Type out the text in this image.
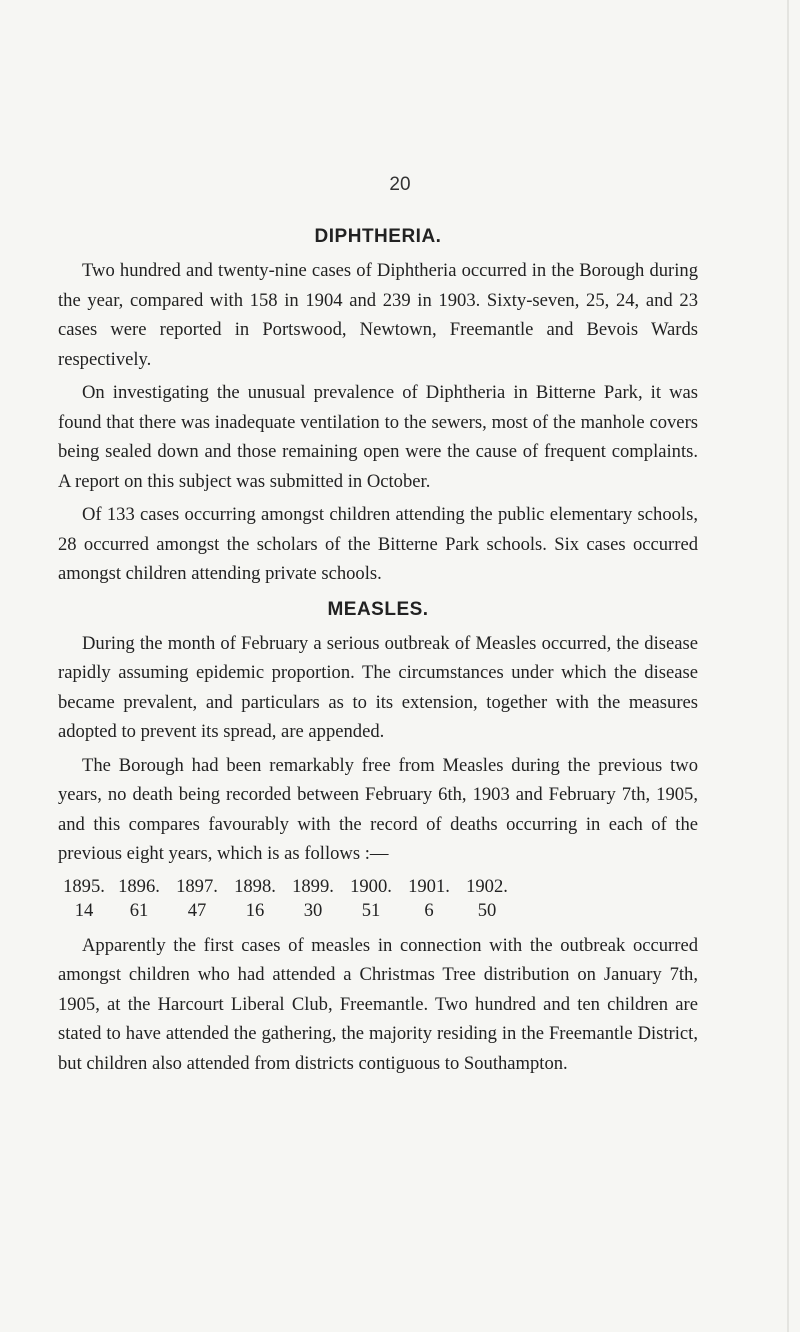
20
DIPHTHERIA.

Two hundred and twenty-nine cases of Diphtheria occurred in the Borough during the year, compared with 158 in 1904 and 239 in 1903. Sixty-seven, 25, 24, and 23 cases were reported in Portswood, Newtown, Freemantle and Bevois Wards respectively.

On investigating the unusual prevalence of Diphtheria in Bitterne Park, it was found that there was inadequate ventilation to the sewers, most of the manhole covers being sealed down and those remaining open were the cause of frequent complaints. A report on this subject was submitted in October.

Of 133 cases occurring amongst children attending the public elementary schools, 28 occurred amongst the scholars of the Bitterne Park schools. Six cases occurred amongst children attending private schools.

MEASLES.

During the month of February a serious outbreak of Measles occurred, the disease rapidly assuming epidemic proportion. The circumstances under which the disease became prevalent, and particulars as to its extension, together with the measures adopted to prevent its spread, are appended.

The Borough had been remarkably free from Measles during the previous two years, no death being recorded between February 6th, 1903 and February 7th, 1905, and this compares favourably with the record of deaths occurring in each of the previous eight years, which is as follows :—

1895.	1896.	1897.	1898.	1899.	1900.	1901.	1902.
14	61	47	16	30	51	6	50

Apparently the first cases of measles in connection with the outbreak occurred amongst children who had attended a Christmas Tree distribution on January 7th, 1905, at the Harcourt Liberal Club, Freemantle. Two hundred and ten children are stated to have attended the gathering, the majority residing in the Freemantle District, but children also attended from districts contiguous to Southampton.
